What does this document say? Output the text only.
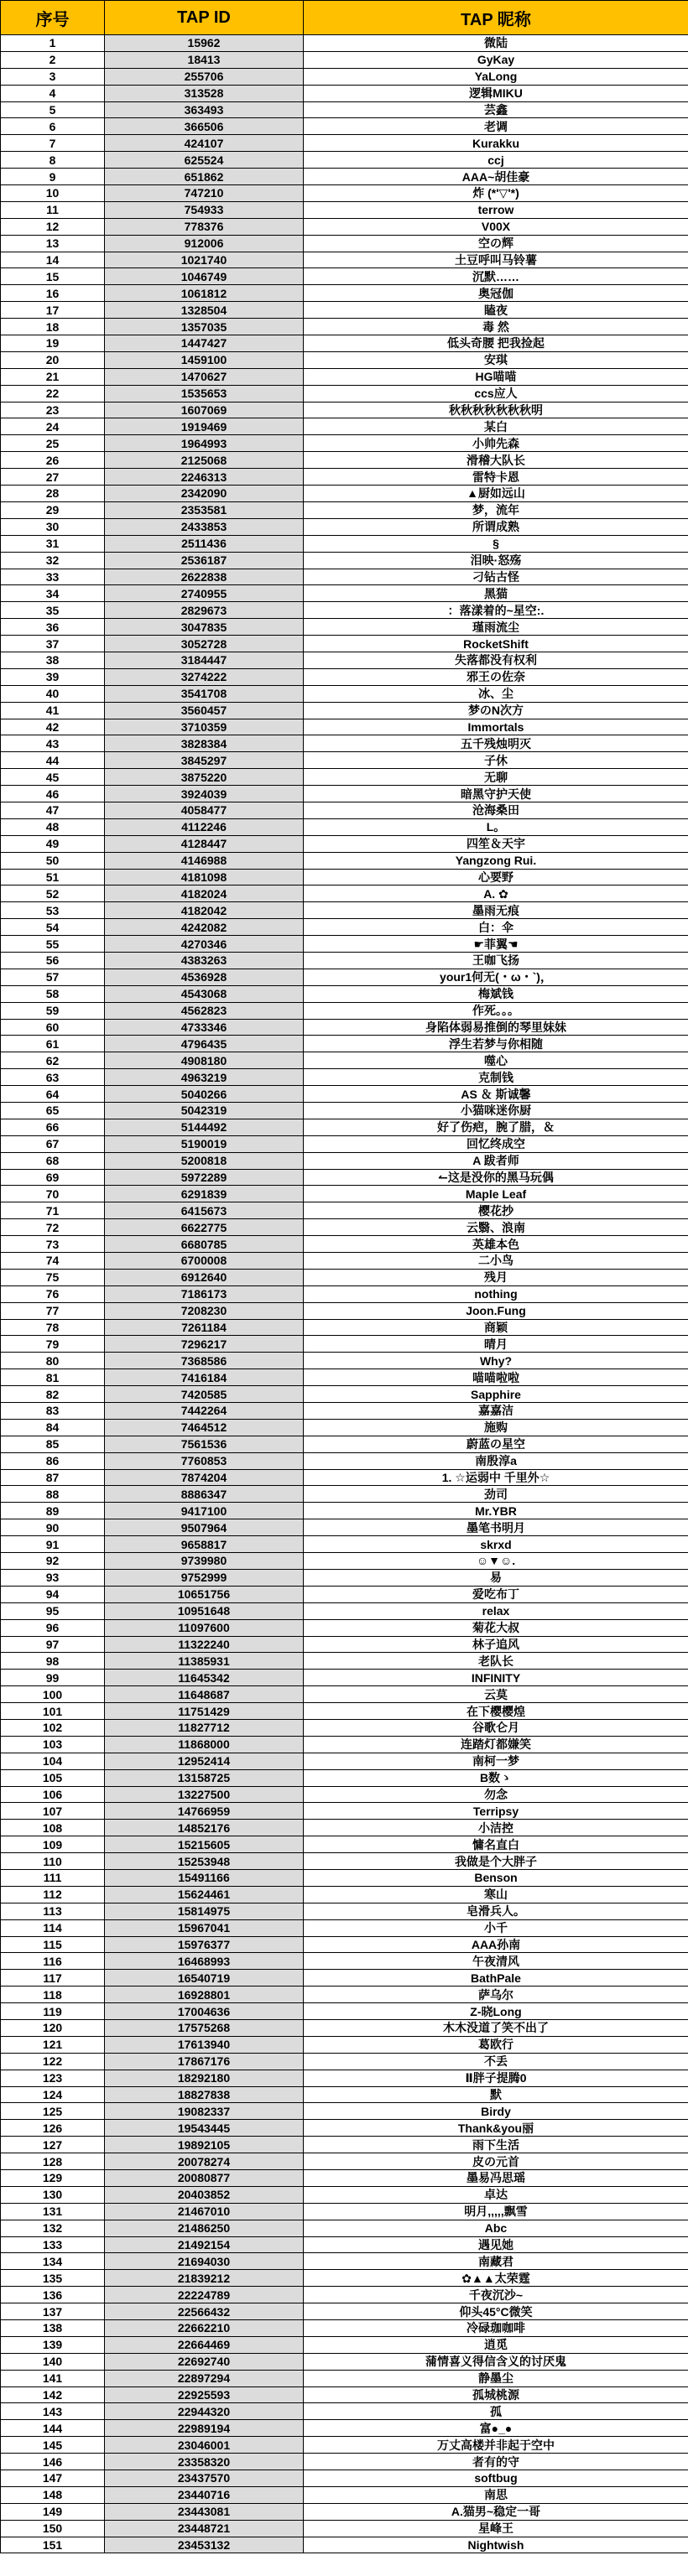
序号	TAP ID	TAP 昵称
1	15962	微陆
2	18413	GyKay
3	255706	YaLong
4	313528	逻辑MIKU
5	363493	芸鑫
6	366506	老调
7	424107	Kurakku
8	625524	ccj
9	651862	AAA~胡佳豪
10	747210	炸 (*'▽'*)
11	754933	terrow
12	778376	V00X
13	912006	空の辉
14	1021740	土豆呼叫马铃薯
15	1046749	沉默……
16	1061812	奥冠伽
17	1328504	瞌夜
18	1357035	毒 然
19	1447427	低头奇腰 把我捡起
20	1459100	安琪
21	1470627	HG喵喵
22	1535653	ccs应人
23	1607069	秋秋秋秋秋秋秋明
24	1919469	某白
25	1964993	小帅先森
26	2125068	滑稽大队长
27	2246313	雷特卡恩
28	2342090	▲厨如远山
29	2353581	梦，流年
30	2433853	所谓成熟
31	2511436	§
32	2536187	泪映·怒殇
33	2622838	刁钻古怪
34	2740955	黑猫
35	2829673	：落漾着的~星空:.
36	3047835	瑾雨流尘
37	3052728	RocketShift
38	3184447	失落都没有权利
39	3274222	邪王の佐奈
40	3541708	冰、尘
41	3560457	梦のN次方
42	3710359	Immortals
43	3828384	五千残烛明灭
44	3845297	子休
45	3875220	无聊
46	3924039	暗黑守护天使
47	4058477	沧海桑田
48	4112246	L。
49	4128447	四笙＆天宇
50	4146988	Yangzong Rui.
51	4181098	心要野
52	4182024	A. ✿
53	4182042	墨雨无痕
54	4242082	白：伞
55	4270346	☛菲翼☚
56	4383263	王咖飞扬
57	4536928	your1何无(・ω・`)，
58	4543068	梅斌钱
59	4562823	作死。。。
60	4733346	身陷体弱易推倒的琴里妹妹
61	4796435	浮生若梦与你相随
62	4908180	噬心
63	4963219	克制钱
64	5040266	AS ＆ 斯诚馨
65	5042319	小猫咪迷你厨
66	5144492	好了伤疤，腕了腊，＆
67	5190019	回忆终成空
68	5200818	A 跋者师
69	5972289	↼这是没你的黑马玩偶
70	6291839	Maple Leaf
71	6415673	樱花抄
72	6622775	云翳、浪南
73	6680785	英雄本色
74	6700008	二小鸟
75	6912640	残月
76	7186173	nothing
77	7208230	Joon.Fung
78	7261184	商颖
79	7296217	晴月
80	7368586	Why?
81	7416184	喵喵啦啦
82	7420585	Sapphire
83	7442264	嘉嘉洁
84	7464512	施购
85	7561536	蔚蓝の星空
86	7760853	南殷淳a
87	7874204	1. ☆运弱中 千里外☆
88	8886347	劲司
89	9417100	Mr.YBR
90	9507964	墨笔书明月
91	9658817	skrxd
92	9739980	☺▼☺.
93	9752999	易
94	10651756	爱吃布丁
95	10951648	relax
96	11097600	菊花大叔
97	11322240	林子追风
98	11385931	老队长
99	11645342	INFINITY
100	11648687	云莫
101	11751429	在下樱樱煌
102	11827712	谷歌仑月
103	11868000	连踏灯都嫌笑
104	12952414	南柯一梦
105	13158725	B数ゝ
106	13227500	勿念
107	14766959	Terripsy
108	14852176	小洁控
109	15215605	慵名直白
110	15253948	我做是个大胖子
111	15491166	Benson
112	15624461	寒山
113	15814975	皂滑兵人。
114	15967041	小千
115	15976377	AAA孙南
116	16468993	午夜清风
117	16540719	BathPale
118	16928801	萨乌尔
119	17004636	Z-晓Long
120	17575268	木木没道了笑不出了
121	17613940	葛欧行
122	17867176	不丢
123	18292180	Ⅱ胖子提腾0
124	18827838	默
125	19082337	Birdy
126	19543445	Thank&you丽
127	19892105	雨下生活
128	20078274	皮の元首
129	20080877	墨易冯思瑶
130	20403852	卓达
131	21467010	明月,,,,,飘雪
132	21486250	Abc
133	21492154	遇见她
134	21694030	南藏君
135	21839212	✿▲▲太荣霆
136	22224789	千夜沉沙~
137	22566432	仰头45°C微笑
138	22662210	冷碌珈咖啡
139	22664469	逍觅
140	22692740	蒲情喜义得信含义的讨厌鬼
141	22897294	静墨尘
142	22925593	孤城桃源
143	22944320	孤
144	22989194	富●_●
145	23046001	万丈高楼并非起于空中
146	23358320	者有的守
147	23437570	softbug
148	23440716	南思
149	23443081	A.猫男~稳定一哥
150	23448721	星峰王
151	23453132	Nightwish
